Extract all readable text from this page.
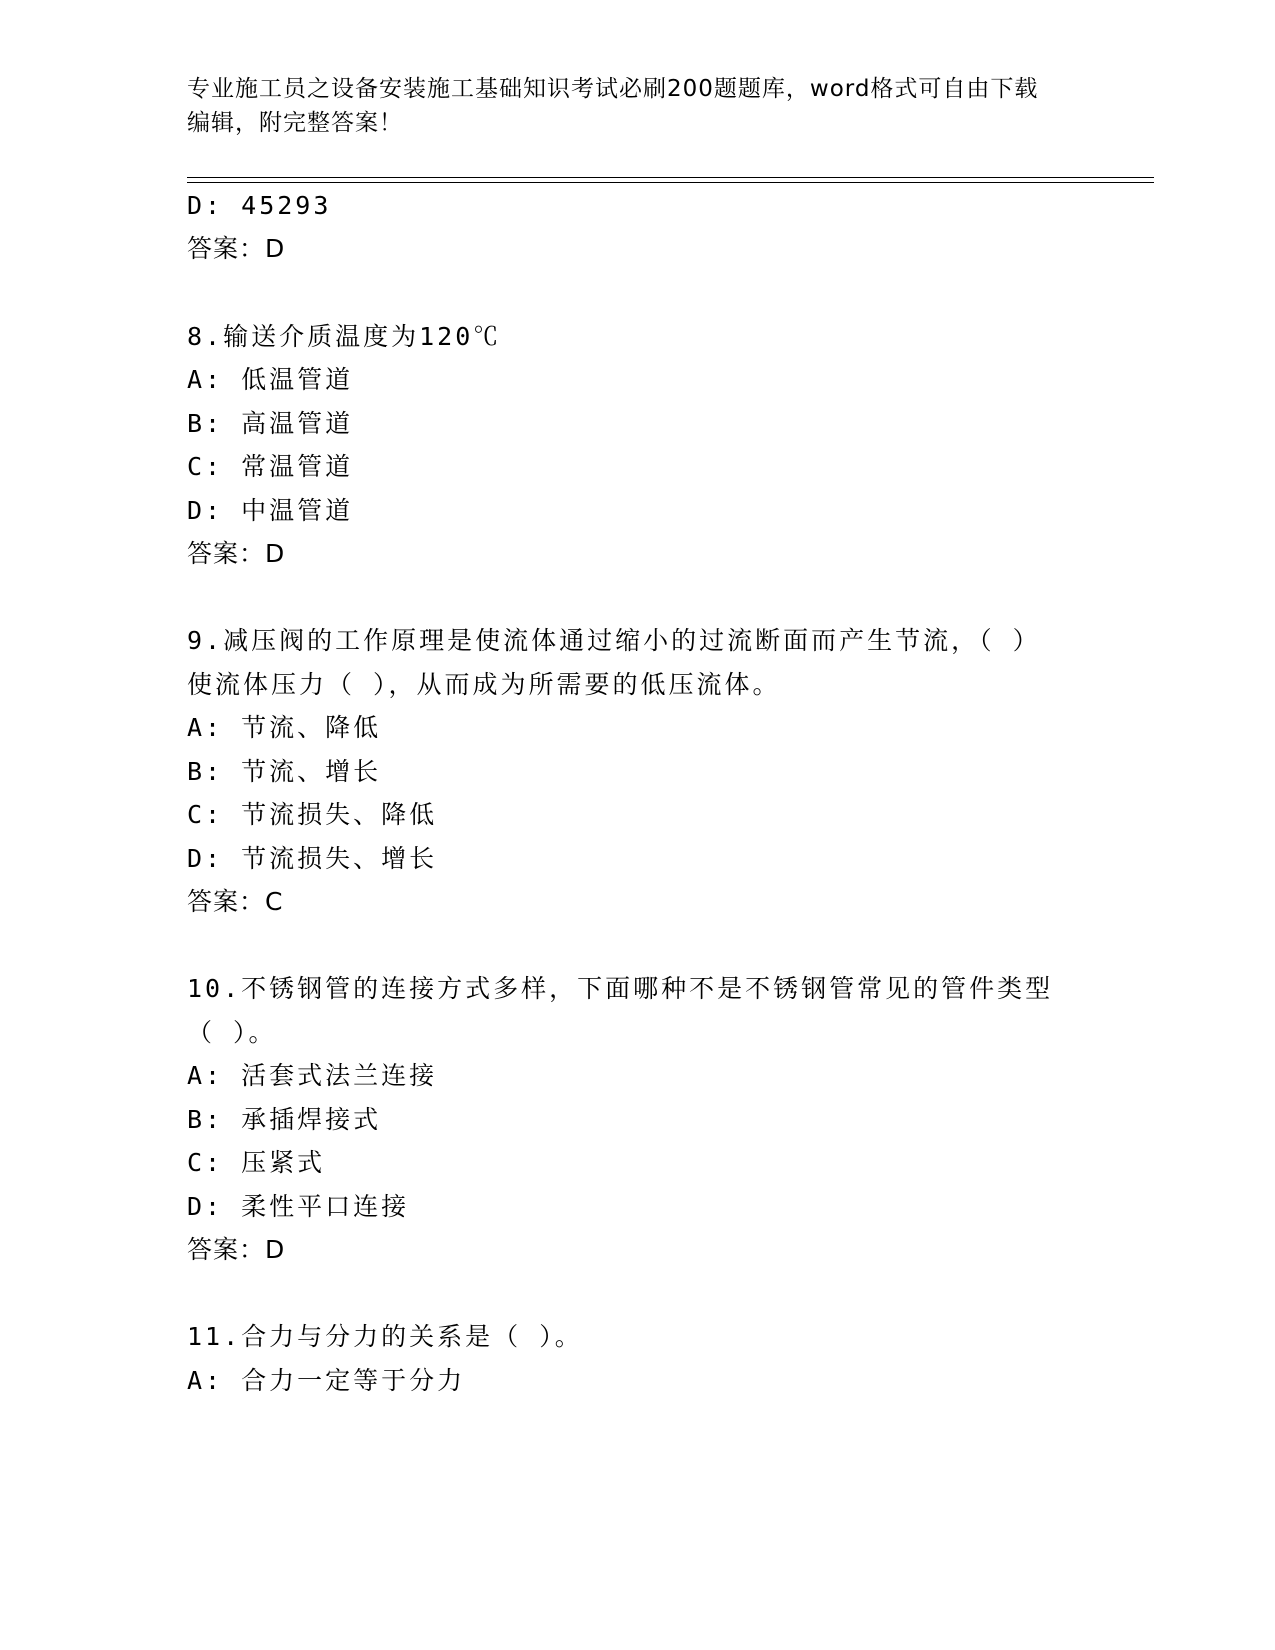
专业施工员之设备安装施工基础知识考试必刷200题题库，word格式可自由下载
编辑，附完整答案！
D: 45293
答案：D
8.输送介质温度为120℃
A: 低温管道
B: 高温管道
C: 常温管道
D: 中温管道
答案：D
9.减压阀的工作原理是使流体通过缩小的过流断面而产生节流，（ ）
使流体压力（ ），从而成为所需要的低压流体。
A: 节流、降低
B: 节流、增长
C: 节流损失、降低
D: 节流损失、增长
答案：C
10.不锈钢管的连接方式多样，下面哪种不是不锈钢管常见的管件类型
（ ）。
A: 活套式法兰连接
B: 承插焊接式
C: 压紧式
D: 柔性平口连接
答案：D
11.合力与分力的关系是（ ）。
A: 合力一定等于分力
